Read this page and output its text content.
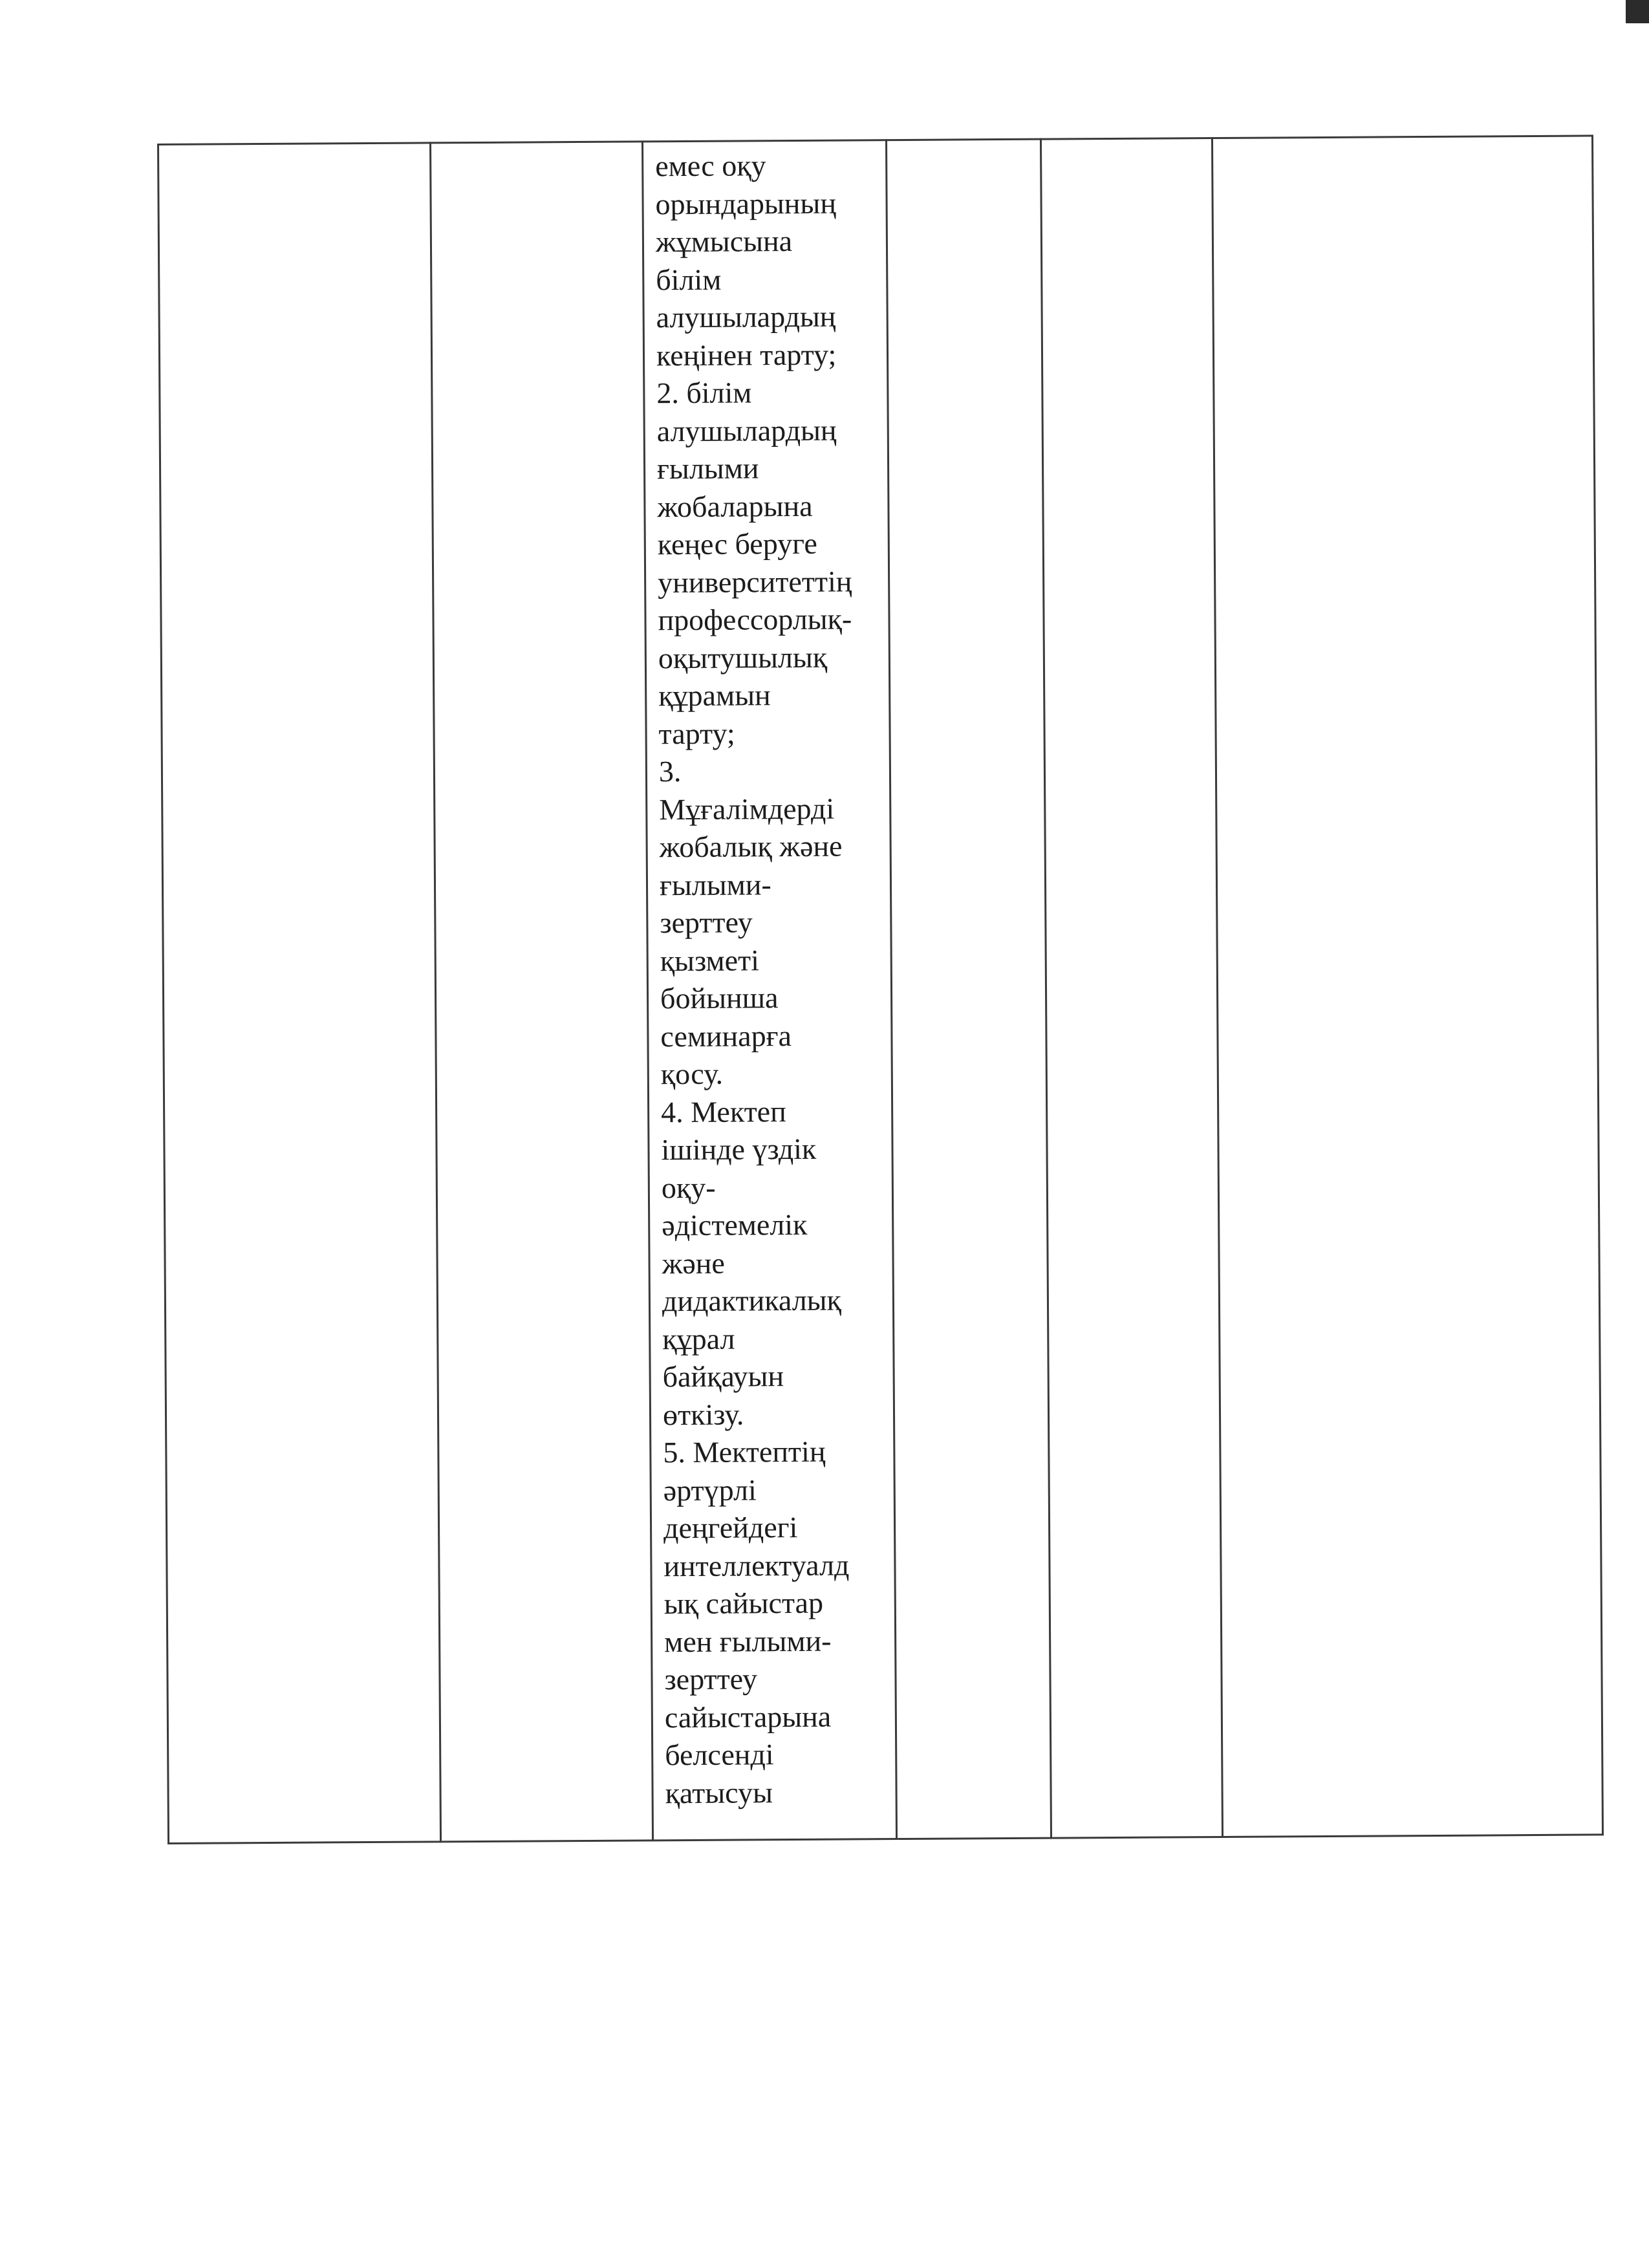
емес оқу
орындарының
жұмысына
білім
алушылардың
кеңінен тарту;
2. білім
алушылардың
ғылыми
жобаларына
кеңес беруге
университеттің
профессорлық-
оқытушылық
құрамын
тарту;
3.
Мұғалімдерді
жобалық және
ғылыми-
зерттеу
қызметі
бойынша
семинарға
қосу.
4. Мектеп
ішінде үздік
оқу-
әдістемелік
және
дидактикалық
құрал
байқауын
өткізу.
5. Мектептің
әртүрлі
деңгейдегі
интеллектуалд
ық сайыстар
мен ғылыми-
зерттеу
сайыстарына
белсенді
қатысуы
